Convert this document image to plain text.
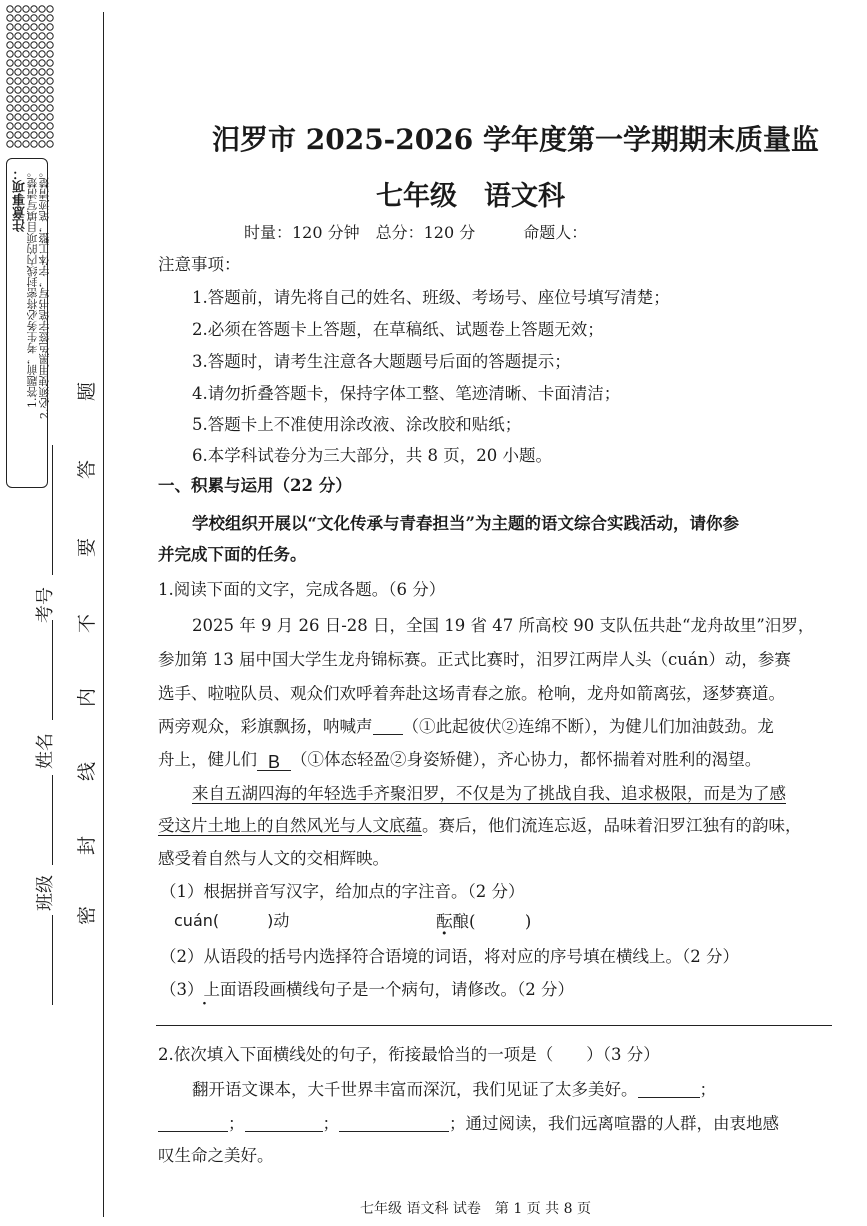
注意事项：
1.答题前，考生务必将密封线内的项目填写清楚。 2.必须使用黑色签字笔书写，字体工整，笔迹清楚。 题
答
要
不
内
线
封
密
考号
姓名
班级
汨罗市 2025-2026 学年度第一学期期末质量监
七年级　语文科
时量：120 分钟　总分：120 分　　　命题人：
注意事项：
1.答题前，请先将自己的姓名、班级、考场号、座位号填写清楚；
2.必须在答题卡上答题，在草稿纸、试题卷上答题无效；
3.答题时，请考生注意各大题题号后面的答题提示；
4.请勿折叠答题卡，保持字体工整、笔迹清晰、卡面清洁；
5.答题卡上不准使用涂改液、涂改胶和贴纸；
6.本学科试卷分为三大部分，共 8 页，20 小题。
一、积累与运用（22 分）
学校组织开展以“文化传承与青春担当”为主题的语文综合实践活动，请你参
并完成下面的任务。
1.阅读下面的文字，完成各题。（6 分）
2025 年 9 月 26 日-28 日，全国 19 省 47 所高校 90 支队伍共赴“龙舟故里”汨罗，
参加第 13 届中国大学生龙舟锦标赛。正式比赛时，汨罗江两岸人头（cuán）动，参赛
选手、啦啦队员、观众们欢呼着奔赴这场青春之旅。枪响，龙舟如箭离弦，逐梦赛道。
两旁观众，彩旗飘扬，呐喊声 （①此起彼伏②连绵不断），为健儿们加油鼓劲。龙
舟上，健儿们 B （①体态轻盈②身姿矫健），齐心协力，都怀揣着对胜利的渴望。
来自五湖四海的年轻选手齐聚汨罗，不仅是为了挑战自我、追求极限，而是为了感
受这片土地上的自然风光与人文底蕴。赛后，他们流连忘返，品味着汨罗江独有的韵味，
感受着自然与人文的交相辉映。
（1）根据拼音写汉字，给加点的字注音。（2 分）
cuán(　　　)动	酝酿(　　　)
（2）从语段的括号内选择符合语境的词语，将对应的序号填在横线上。（2 分）
（3）上面语段画横线句子是一个病句，请修改。（2 分）
·
2.依次填入下面横线处的句子，衔接最恰当的一项是（　　）（3 分）
翻开语文课本，大千世界丰富而深沉，我们见证了太多美好。	；
；	；	；通过阅读，我们远离喧嚣的人群，由衷地感
叹生命之美好。
七年级 语文科 试卷　第 1 页 共 8 页
